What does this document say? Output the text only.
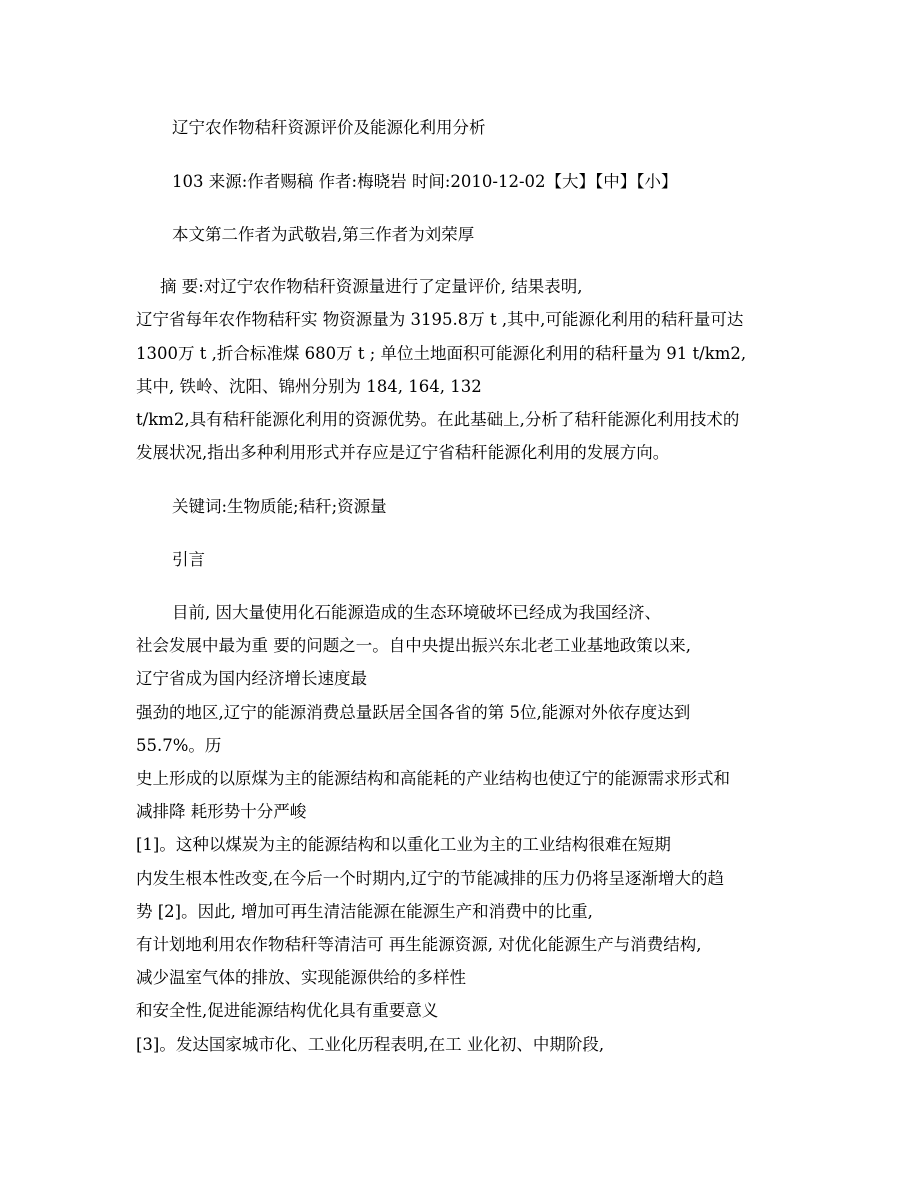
辽宁农作物秸秆资源评价及能源化利用分析
103 来源:作者赐稿 作者:梅晓岩 时间:2010-12-02【大】【中】【小】
本文第二作者为武敬岩,第三作者为刘荣厚
摘 要:对辽宁农作物秸秆资源量进行了定量评价, 结果表明,
辽宁省每年农作物秸秆实 物资源量为 3195.8万 t ,其中,可能源化利用的秸秆量可达
1300万 t ,折合标准煤 680万 t ; 单位土地面积可能源化利用的秸秆量为 91 t/km2,
其中, 铁岭、沈阳、锦州分别为 184, 164, 132
t/km2,具有秸秆能源化利用的资源优势。在此基础上,分析了秸秆能源化利用技术的
发展状况,指出多种利用形式并存应是辽宁省秸秆能源化利用的发展方向。
关键词:生物质能;秸秆;资源量
引言
目前, 因大量使用化石能源造成的生态环境破坏已经成为我国经济、
社会发展中最为重 要的问题之一。自中央提出振兴东北老工业基地政策以来,
辽宁省成为国内经济增长速度最
强劲的地区,辽宁的能源消费总量跃居全国各省的第 5位,能源对外依存度达到
55.7%。历
史上形成的以原煤为主的能源结构和高能耗的产业结构也使辽宁的能源需求形式和
减排降 耗形势十分严峻
[1]。这种以煤炭为主的能源结构和以重化工业为主的工业结构很难在短期
内发生根本性改变,在今后一个时期内,辽宁的节能减排的压力仍将呈逐渐增大的趋
势 [2]。因此, 增加可再生清洁能源在能源生产和消费中的比重,
有计划地利用农作物秸秆等清洁可 再生能源资源, 对优化能源生产与消费结构,
减少温室气体的排放、实现能源供给的多样性
和安全性,促进能源结构优化具有重要意义
[3]。发达国家城市化、工业化历程表明,在工 业化初、中期阶段,
